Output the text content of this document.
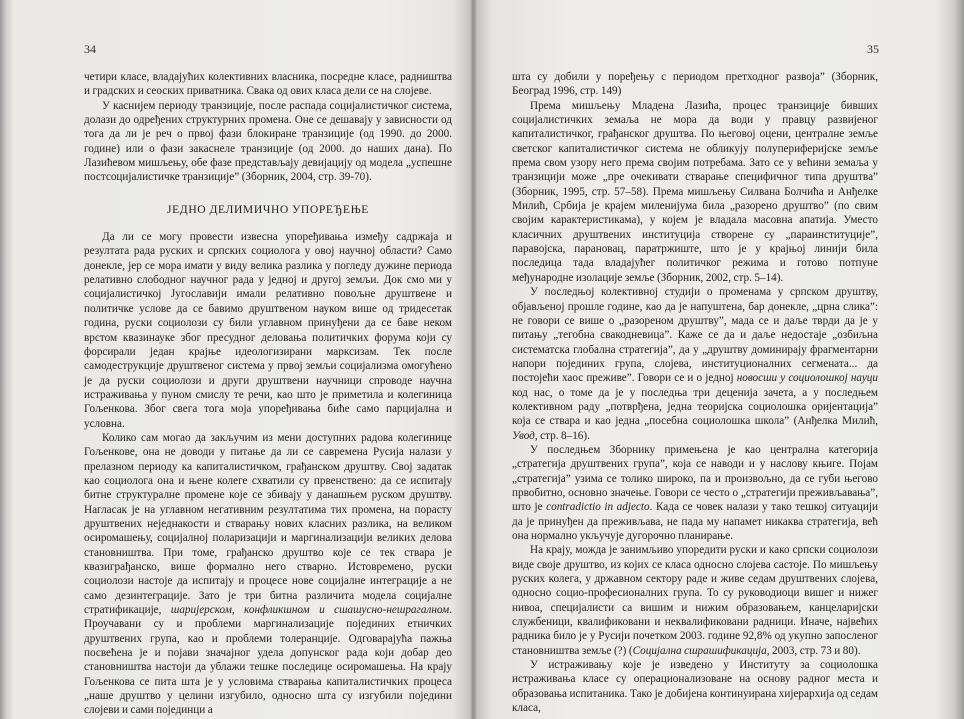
34

четири класе, владајућих колективних власника, посредне класе, радништва и градских и сеоских приватника. Свака од ових класа дели се на слојеве.

У каснијем периоду транзиције, после распада социјалистичког система, долази до одређених структурних промена. Оне се дешавају у зависности од тога да ли је реч о првој фази блокиране транзиције (од 1990. до 2000. године) или о фази закаснеле транзиције (од 2000. до наших дана). По Лазићевом мишљењу, обе фазе представљају девијацију од модела „успешне постсоцијалистичке транзиције” (Зборник, 2004, стр. 39-70).

ЈЕДНО ДЕЛИМИЧНО УПОРЕЂЕЊЕ

Да ли се могу провести извесна упоређивања између садржаја и резултата рада руских и српских социолога у овој научној области? Само донекле, јер се мора имати у виду велика разлика у погледу дужине периода релативно слободног научног рада у једној и другој земљи. Док смо ми у социјалистичкој Југославији имали релативно повољне друштвене и политичке услове да се бавимо друштвеном науком више од тридесетак година, руски социолози су били углавном принуђени да се баве неком врстом квазинауке због пресудног деловања политичких форума који су форсирали један крајње идеологизирани марксизам. Тек после самодеструкције друштвеног система у првој земљи социјализма омогућено је да руски социолози и други друштвени научници спроводе научна истраживања у пуном смислу те речи, као што је приметила и колегиница Гољенкова. Због свега тога моја упоређивања биће само парцијална и условна.

Колико сам могао да закључим из мени доступних радова колегинице Гољенкове, она не доводи у питање да ли се савремена Русија налази у прелазном периоду ка капиталистичком, грађанском друштву. Свој задатак као социолога она и њене колеге схватили су првенствено: да се испитају битне структуралне промене које се збивају у данашњем руском друштву. Нагласак је на углавном негативним резултатима тих промена, на порасту друштвених неједнакости и стварању нових класних разлика, на великом осиромашењу, социјалној поларизацији и маргинализацији великих делова становништва. При томе, грађанско друштво које се тек ствара је квазиграђанско, више формално него стварно. Истовремено, руски социолози настоје да испитају и процесе нове социјалне интеграције а не само дезинтеграције. Зато је три битна различита модела социјалне стратификације, шаријерском, конфликшном и сшашусно-нешрагалном. Проучавани су и проблеми маргинализације појединих етничких друштвених група, као и проблеми толеранције. Одговарајућа пажња посвећена је и појави значајног удела допунског рада који добар део становништва настоји да ублажи тешке последице осиромашења. На крају Гољенкова се пита шта је у условима стварања капиталистичких процеса „наше друштво у целини изгубило, односно шта су изгубили поједини слојеви и сами појединци а

35

шта су добили у поређењу с периодом претходног развоја” (Зборник, Београд 1996, стр. 149)

Према мишљењу Младена Лазића, процес транзиције бивших социјалистичких земаља не мора да води у правцу развијеног капиталистичког, грађанског друштва. По његовој оцени, централне земље светског капиталистичког система не обликују полупериферијске земље према свом узору него према својим потребама. Зато се у већини земаља у транзицији може „пре очекивати стварање специфичног типа друштва” (Зборник, 1995, стр. 57–58). Према мишљењу Силвана Болчића и Анђелке Милић, Србија је крајем миленијума била „разорено друштво” (по свим својим карактеристикама), у којем је владала масовна апатија. Уместо класичних друштвених институција створене су „параинституције”, паравојска, парановац, паратржиште, што је у крајњој линији била последица тада владајућег политичког режима и готово потпуне међународне изолације земље (Зборник, 2002, стр. 5–14).

У последњој колективној студији о променама у српском друштву, објављеној прошле године, као да је напуштена, бар донекле, „црна слика”: не говори се више о „разореном друштву”, мада се и даље тврди да је у питању „тегобна свакодневица”. Каже се да и даље недостаје „озбиљна систематска глобална стратегија”, да у „друштву доминирају фрагментарни напори појединих група, слојева, институционалних сегмената... да постојећи хаос преживе”. Говори се и о једној новосши у социолошкој науци код нас, о томе да је у последња три деценија зачета, а у последњем колективном раду „потврђена, једна теоријска социолошка оријентација” која се ствара и као једна „посебна социолошка школа” (Анђелка Милић, Увод, стр. 8–16).

У последњем Зборнику примењена је као централна категорија „стратегија друштвених група”, која се наводи и у наслову књиге. Појам „стратегија” узима се толико широко, па и произвољно, да се губи његово првобитно, основно значење. Говори се често о „стратегији преживљавања”, што је contradictio in adjecto. Када се човек налази у тако тешкој ситуацији да је принуђен да преживљава, не пада му напамет никаква стратегија, већ она нормално укључује дугорочно планирање.

На крају, можда је занимљиво упоредити руски и како српски социолози виде своје друштво, из којих се класа односно слојева састоје. По мишљењу руских колега, у државном сектору раде и живе седам друштвених слојева, односно социо-професионалних група. То су руководиоци вишег и нижег нивоа, специјалисти са вишим и нижим образовањем, канцеларијски службеници, квалификовани и неквалификовани радници. Иначе, највећих радника било је у Русији почетком 2003. године 92,8% од укупно запосленог становништва земље (?) (Социјална сшрашификација, 2003, стр. 73 и 80).

У истраживању које је изведено у Институту за социолошка истраживања класе су операционализоване на основу радног места и образовања испитаника. Тако је добијена континуирана хијерархија од седам класа,
